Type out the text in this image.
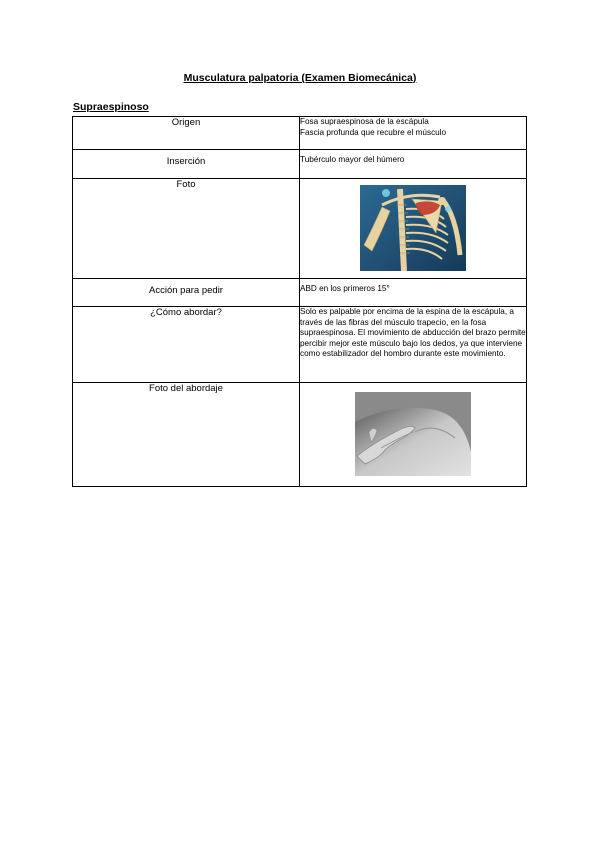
Musculatura palpatoria (Examen Biomecánica)
Supraespinoso
Origen	Fosa supraespinosa de la escápula
Fascia profunda que recubre el músculo

Inserción	Tubérculo mayor del húmero
Foto	

Acción para pedir	ABD en los primeros 15°
¿Cómo abordar?	Solo es palpable por encima de la espina de la escápula, a través de las fibras del músculo trapecio, en la fosa supraespinosa. El movimiento de abducción del brazo permite percibir mejor este músculo bajo los dedos, ya que interviene como estabilizador del hombro durante este movimiento.
Foto del abordaje	
